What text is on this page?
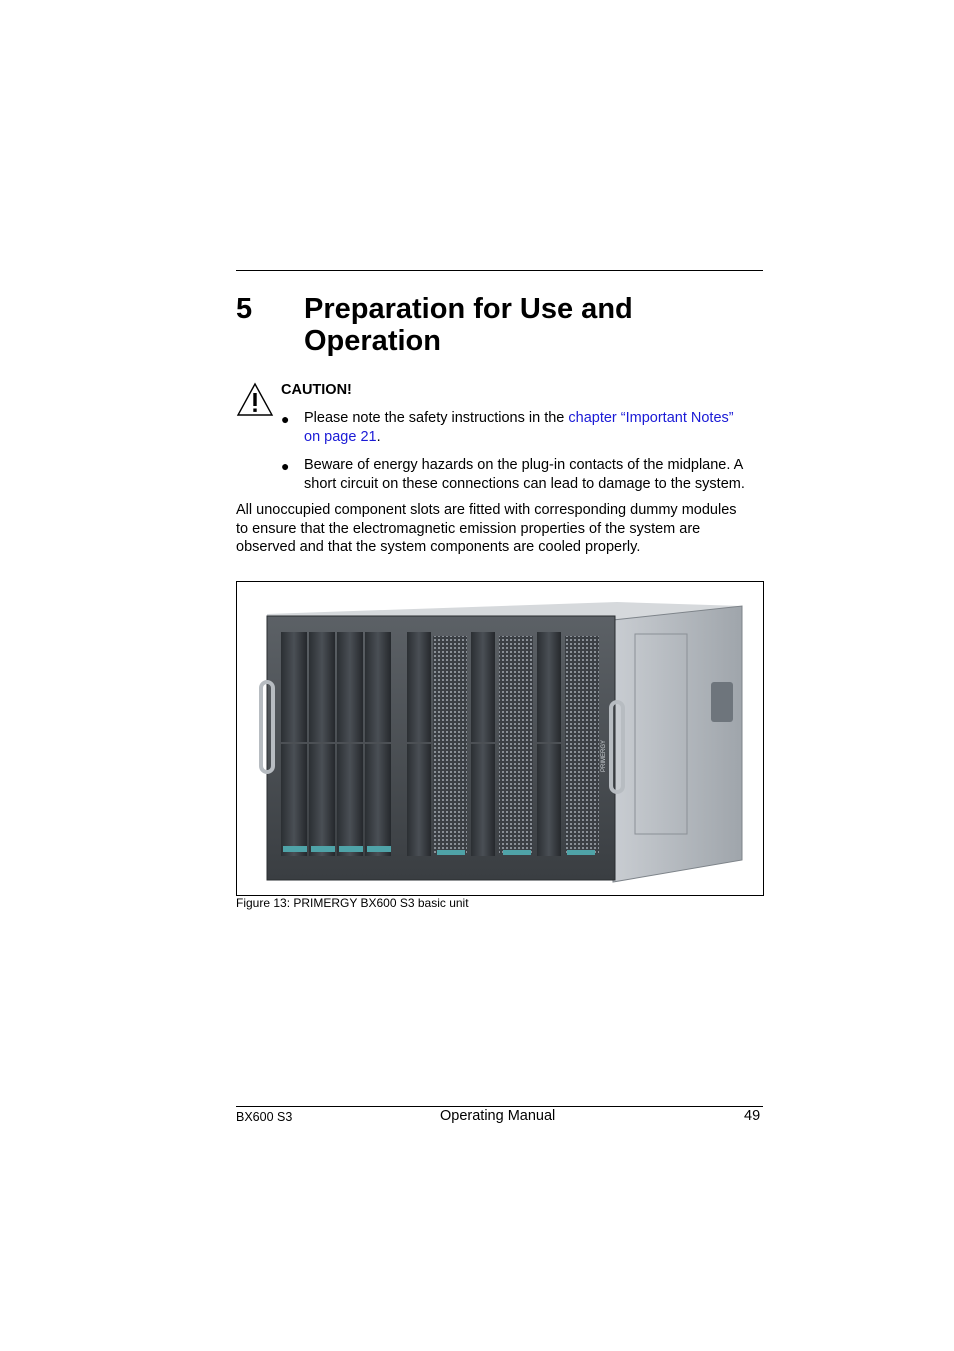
5 Preparation for Use and
Operation
CAUTION!
● Please note the safety instructions in the chapter “Important Notes”
on page 21.
● Beware of energy hazards on the plug-in contacts of the midplane. A
short circuit on these connections can lead to damage to the system.
All unoccupied component slots are fitted with corresponding dummy modules
to ensure that the electromagnetic emission properties of the system are
observed and that the system components are cooled properly.
PRIMERGY
Figure 13: PRIMERGY BX600 S3 basic unit
BX600 S3	Operating Manual	49
